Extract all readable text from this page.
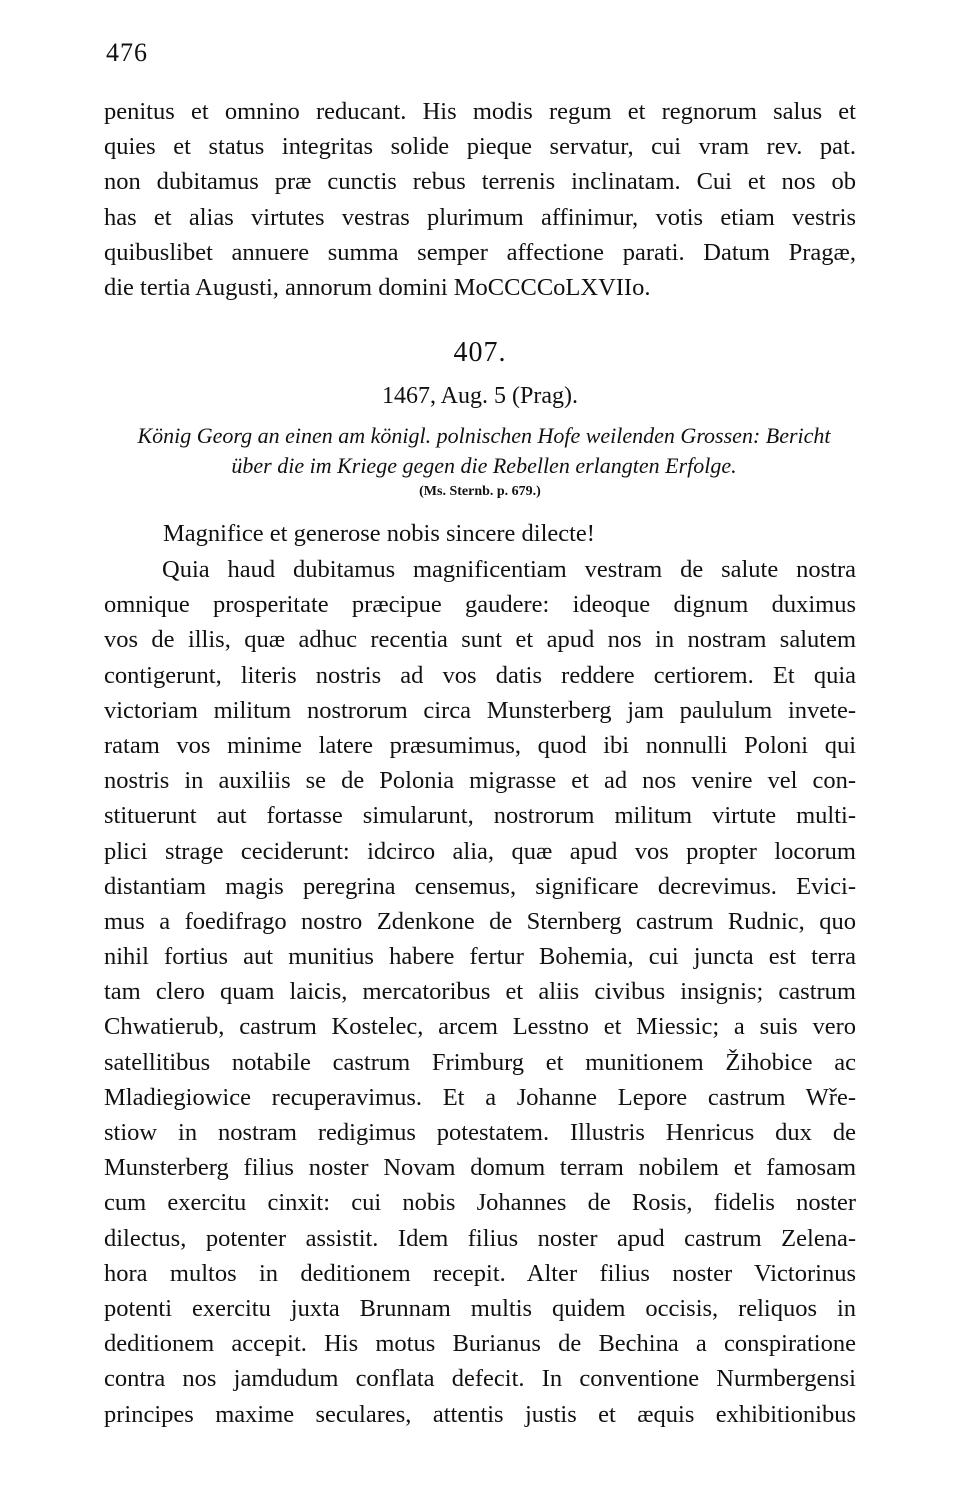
476
penitus et omnino reducant. His modis regum et regnorum salus et
quies et status integritas solide pieque servatur, cui vram rev. pat.
non dubitamus præ cunctis rebus terrenis inclinatam. Cui et nos ob
has et alias virtutes vestras plurimum affinimur, votis etiam vestris
quibuslibet annuere summa semper affectione parati. Datum Pragæ,
die tertia Augusti, annorum domini MoCCCCoLXVIIo.
407.
1467, Aug. 5 (Prag).
König Georg an einen am königl. polnischen Hofe weilenden Grossen: Bericht
über die im Kriege gegen die Rebellen erlangten Erfolge.
(Ms. Sternb. p. 679.)
Magnifice et generose nobis sincere dilecte!
Quia haud dubitamus magnificentiam vestram de salute nostra
omnique prosperitate præcipue gaudere: ideoque dignum duximus
vos de illis, quæ adhuc recentia sunt et apud nos in nostram salutem
contigerunt, literis nostris ad vos datis reddere certiorem. Et quia
victoriam militum nostrorum circa Munsterberg jam paululum invete-
ratam vos minime latere præsumimus, quod ibi nonnulli Poloni qui
nostris in auxiliis se de Polonia migrasse et ad nos venire vel con-
stituerunt aut fortasse simularunt, nostrorum militum virtute multi-
plici strage ceciderunt: idcirco alia, quæ apud vos propter locorum
distantiam magis peregrina censemus, significare decrevimus. Evici-
mus a foedifrago nostro Zdenkone de Sternberg castrum Rudnic, quo
nihil fortius aut munitius habere fertur Bohemia, cui juncta est terra
tam clero quam laicis, mercatoribus et aliis civibus insignis; castrum
Chwatierub, castrum Kostelec, arcem Lesstno et Miessic; a suis vero
satellitibus notabile castrum Frimburg et munitionem Žihobice ac
Mladiegiowice recuperavimus. Et a Johanne Lepore castrum Wře-
stiow in nostram redigimus potestatem. Illustris Henricus dux de
Munsterberg filius noster Novam domum terram nobilem et famosam
cum exercitu cinxit: cui nobis Johannes de Rosis, fidelis noster
dilectus, potenter assistit. Idem filius noster apud castrum Zelena-
hora multos in deditionem recepit. Alter filius noster Victorinus
potenti exercitu juxta Brunnam multis quidem occisis, reliquos in
deditionem accepit. His motus Burianus de Bechina a conspiratione
contra nos jamdudum conflata defecit. In conventione Nurmbergensi
principes maxime seculares, attentis justis et æquis exhibitionibus
